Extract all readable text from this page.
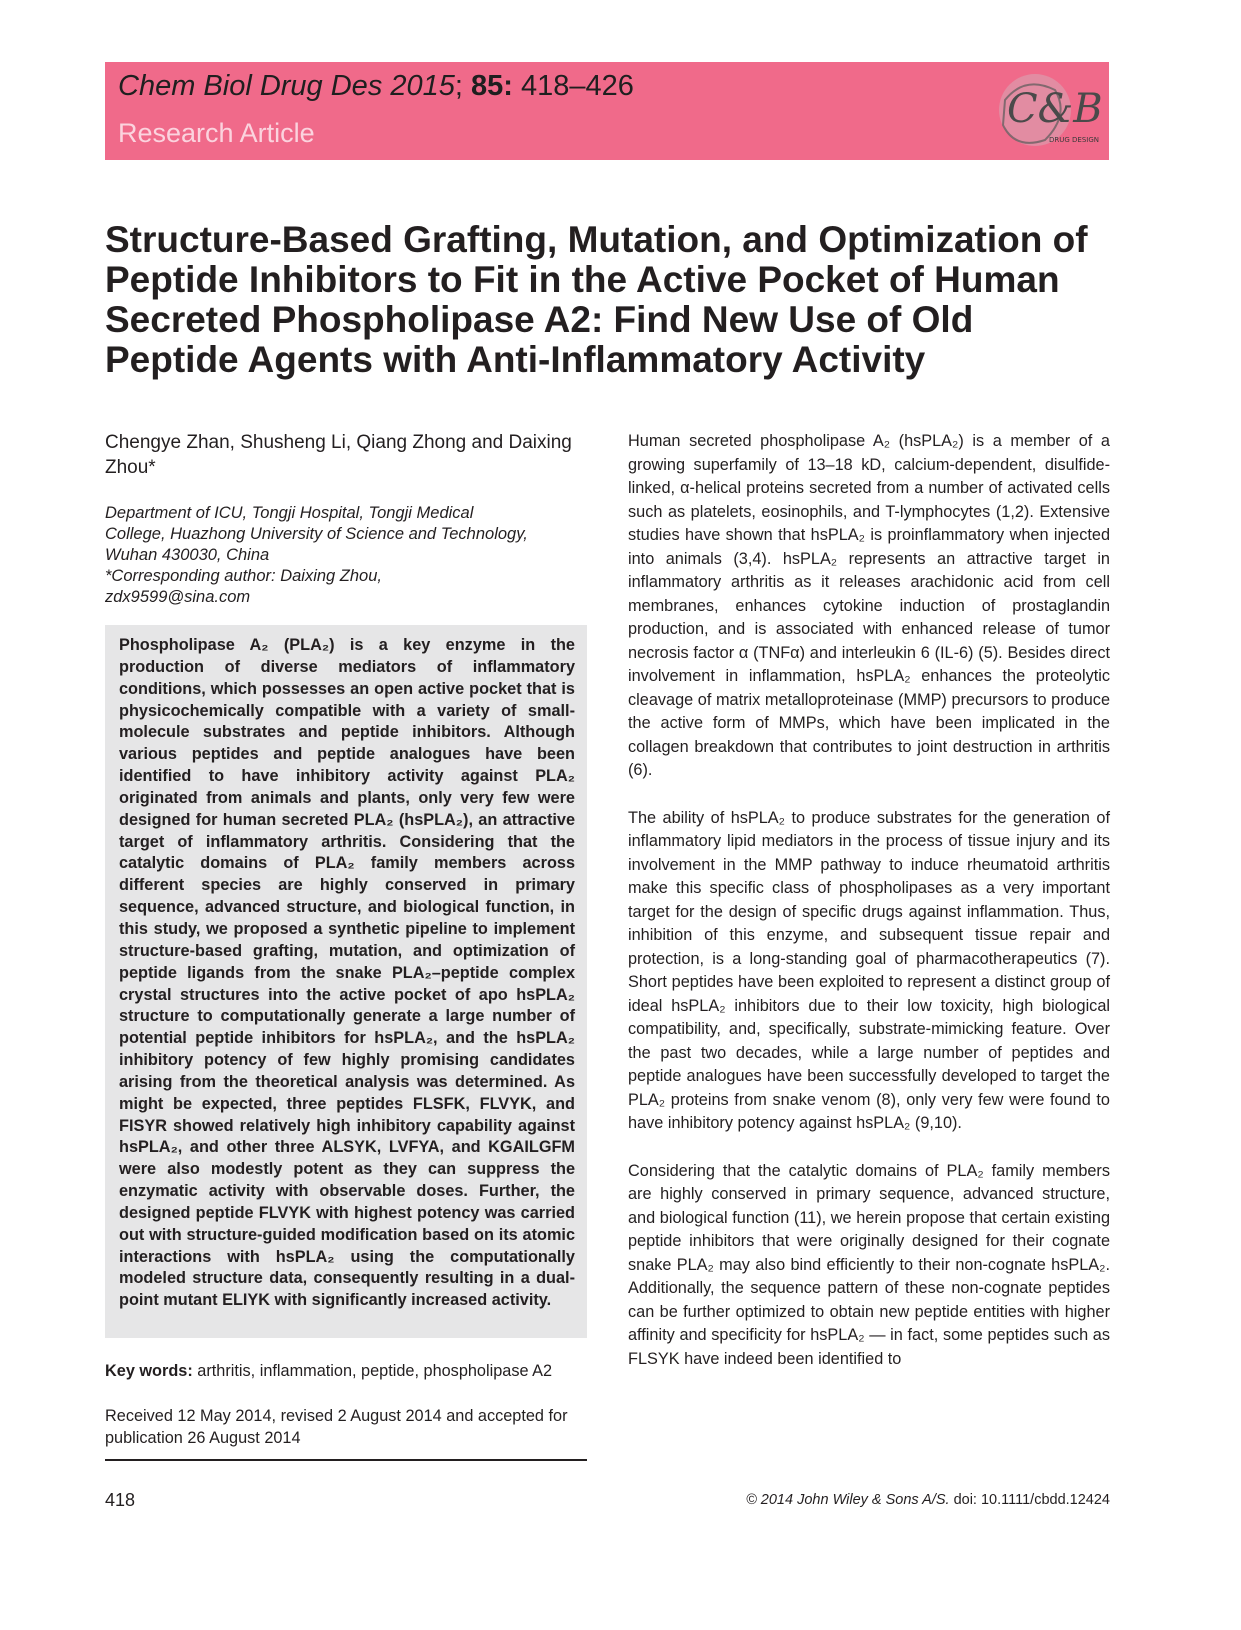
Chem Biol Drug Des 2015; 85: 418–426
Research Article
C&B
DRUG DESIGN
Structure-Based Grafting, Mutation, and Optimization of Peptide Inhibitors to Fit in the Active Pocket of Human Secreted Phospholipase A2: Find New Use of Old Peptide Agents with Anti-Inflammatory Activity
Chengye Zhan, Shusheng Li, Qiang Zhong and Daixing Zhou*
Department of ICU, Tongji Hospital, Tongji Medical
College, Huazhong University of Science and Technology,
Wuhan 430030, China
*Corresponding author: Daixing Zhou,
zdx9599@sina.com

Phospholipase A₂ (PLA₂) is a key enzyme in the production of diverse mediators of inflammatory conditions, which possesses an open active pocket that is physicochemically compatible with a variety of small-molecule substrates and peptide inhibitors. Although various peptides and peptide analogues have been identified to have inhibitory activity against PLA₂ originated from animals and plants, only very few were designed for human secreted PLA₂ (hsPLA₂), an attractive target of inflammatory arthritis. Considering that the catalytic domains of PLA₂ family members across different species are highly conserved in primary sequence, advanced structure, and biological function, in this study, we proposed a synthetic pipeline to implement structure-based grafting, mutation, and optimization of peptide ligands from the snake PLA₂–peptide complex crystal structures into the active pocket of apo hsPLA₂ structure to computationally generate a large number of potential peptide inhibitors for hsPLA₂, and the hsPLA₂ inhibitory potency of few highly promising candidates arising from the theoretical analysis was determined. As might be expected, three peptides FLSFK, FLVYK, and FISYR showed relatively high inhibitory capability against hsPLA₂, and other three ALSYK, LVFYA, and KGAILGFM were also modestly potent as they can suppress the enzymatic activity with observable doses. Further, the designed peptide FLVYK with highest potency was carried out with structure-guided modification based on its atomic interactions with hsPLA₂ using the computationally modeled structure data, consequently resulting in a dual-point mutant ELIYK with significantly increased activity.

Key words: arthritis, inflammation, peptide, phospholipase A2
Received 12 May 2014, revised 2 August 2014 and accepted for publication 26 August 2014

Human secreted phospholipase A₂ (hsPLA₂) is a member of a growing superfamily of 13–18 kD, calcium-dependent, disulfide-linked, α-helical proteins secreted from a number of activated cells such as platelets, eosinophils, and T-lymphocytes (1,2). Extensive studies have shown that hsPLA₂ is proinflammatory when injected into animals (3,4). hsPLA₂ represents an attractive target in inflammatory arthritis as it releases arachidonic acid from cell membranes, enhances cytokine induction of prostaglandin production, and is associated with enhanced release of tumor necrosis factor α (TNFα) and interleukin 6 (IL-6) (5). Besides direct involvement in inflammation, hsPLA₂ enhances the proteolytic cleavage of matrix metalloproteinase (MMP) precursors to produce the active form of MMPs, which have been implicated in the collagen breakdown that contributes to joint destruction in arthritis (6).

The ability of hsPLA₂ to produce substrates for the generation of inflammatory lipid mediators in the process of tissue injury and its involvement in the MMP pathway to induce rheumatoid arthritis make this specific class of phospholipases as a very important target for the design of specific drugs against inflammation. Thus, inhibition of this enzyme, and subsequent tissue repair and protection, is a long-standing goal of pharmacotherapeutics (7). Short peptides have been exploited to represent a distinct group of ideal hsPLA₂ inhibitors due to their low toxicity, high biological compatibility, and, specifically, substrate-mimicking feature. Over the past two decades, while a large number of peptides and peptide analogues have been successfully developed to target the PLA₂ proteins from snake venom (8), only very few were found to have inhibitory potency against hsPLA₂ (9,10).

Considering that the catalytic domains of PLA₂ family members are highly conserved in primary sequence, advanced structure, and biological function (11), we herein propose that certain existing peptide inhibitors that were originally designed for their cognate snake PLA₂ may also bind efficiently to their non-cognate hsPLA₂. Additionally, the sequence pattern of these non-cognate peptides can be further optimized to obtain new peptide entities with higher affinity and specificity for hsPLA₂ — in fact, some peptides such as FLSYK have indeed been identified to

418	© 2014 John Wiley & Sons A/S. doi: 10.1111/cbdd.12424
